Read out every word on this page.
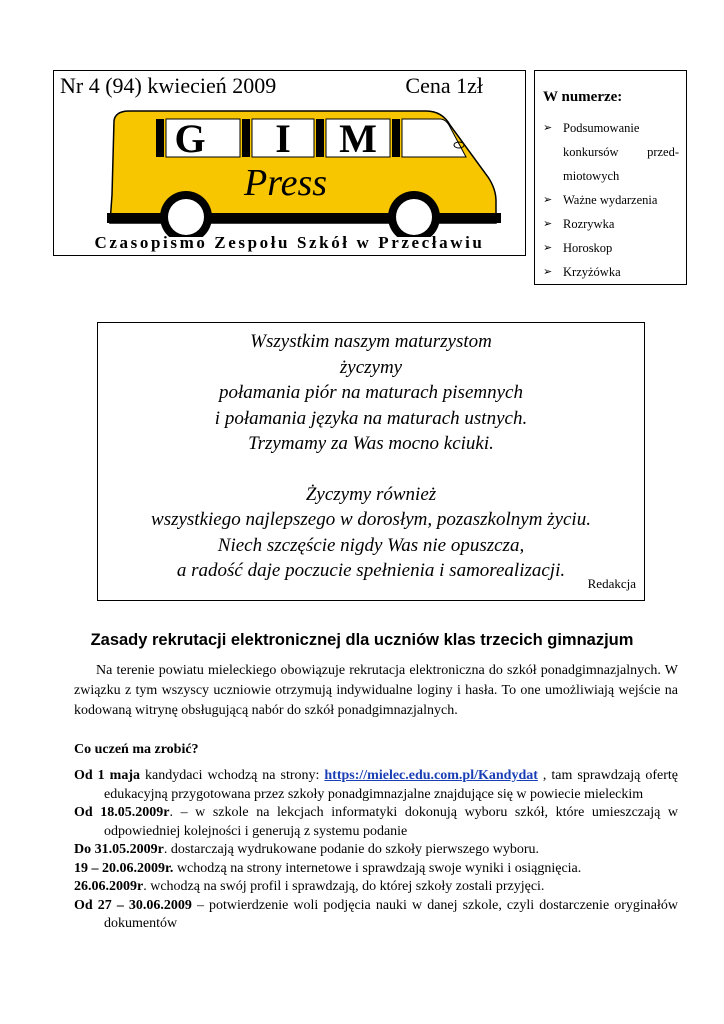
Nr 4 (94) kwiecień 2009	Cena 1zł
G I M
Press
Czasopismo Zespołu Szkół w Przecławiu
W numerze:
➢ Podsumowanie
konkursów przed-
miotowych
➢ Ważne wydarzenia
➢ Rozrywka
➢ Horoskop
➢ Krzyżówka
Wszystkim naszym maturzystom
życzymy
połamania piór na maturach pisemnych
i połamania języka na maturach ustnych.
Trzymamy za Was mocno kciuki.
Życzymy również
wszystkiego najlepszego w dorosłym, pozaszkolnym życiu.
Niech szczęście nigdy Was nie opuszcza,
a radość daje poczucie spełnienia i samorealizacji.
Redakcja
Zasady rekrutacji elektronicznej dla uczniów klas trzecich gimnazjum
Na terenie powiatu mieleckiego obowiązuje rekrutacja elektroniczna do szkół ponadgimnazjalnych. W związku z tym wszyscy uczniowie otrzymują indywidualne loginy i hasła. To one umożliwiają wejście na kodowaną witrynę obsługującą nabór do szkół ponadgimnazjalnych.
Co uczeń ma zrobić?
Od 1 maja kandydaci wchodzą na strony: https://mielec.edu.com.pl/Kandydat , tam sprawdzają ofertę edukacyjną przygotowana przez szkoły ponadgimnazjalne znajdujące się w powiecie mieleckim
Od 18.05.2009r. – w szkole na lekcjach informatyki dokonują wyboru szkół, które umieszczają w odpowiedniej kolejności i generują z systemu podanie
Do 31.05.2009r. dostarczają wydrukowane podanie do szkoły pierwszego wyboru.
19 – 20.06.2009r. wchodzą na strony internetowe i sprawdzają swoje wyniki i osiągnięcia.
26.06.2009r. wchodzą na swój profil i sprawdzają, do której szkoły zostali przyjęci.
Od 27 – 30.06.2009 – potwierdzenie woli podjęcia nauki w danej szkole, czyli dostarczenie oryginałów dokumentów
